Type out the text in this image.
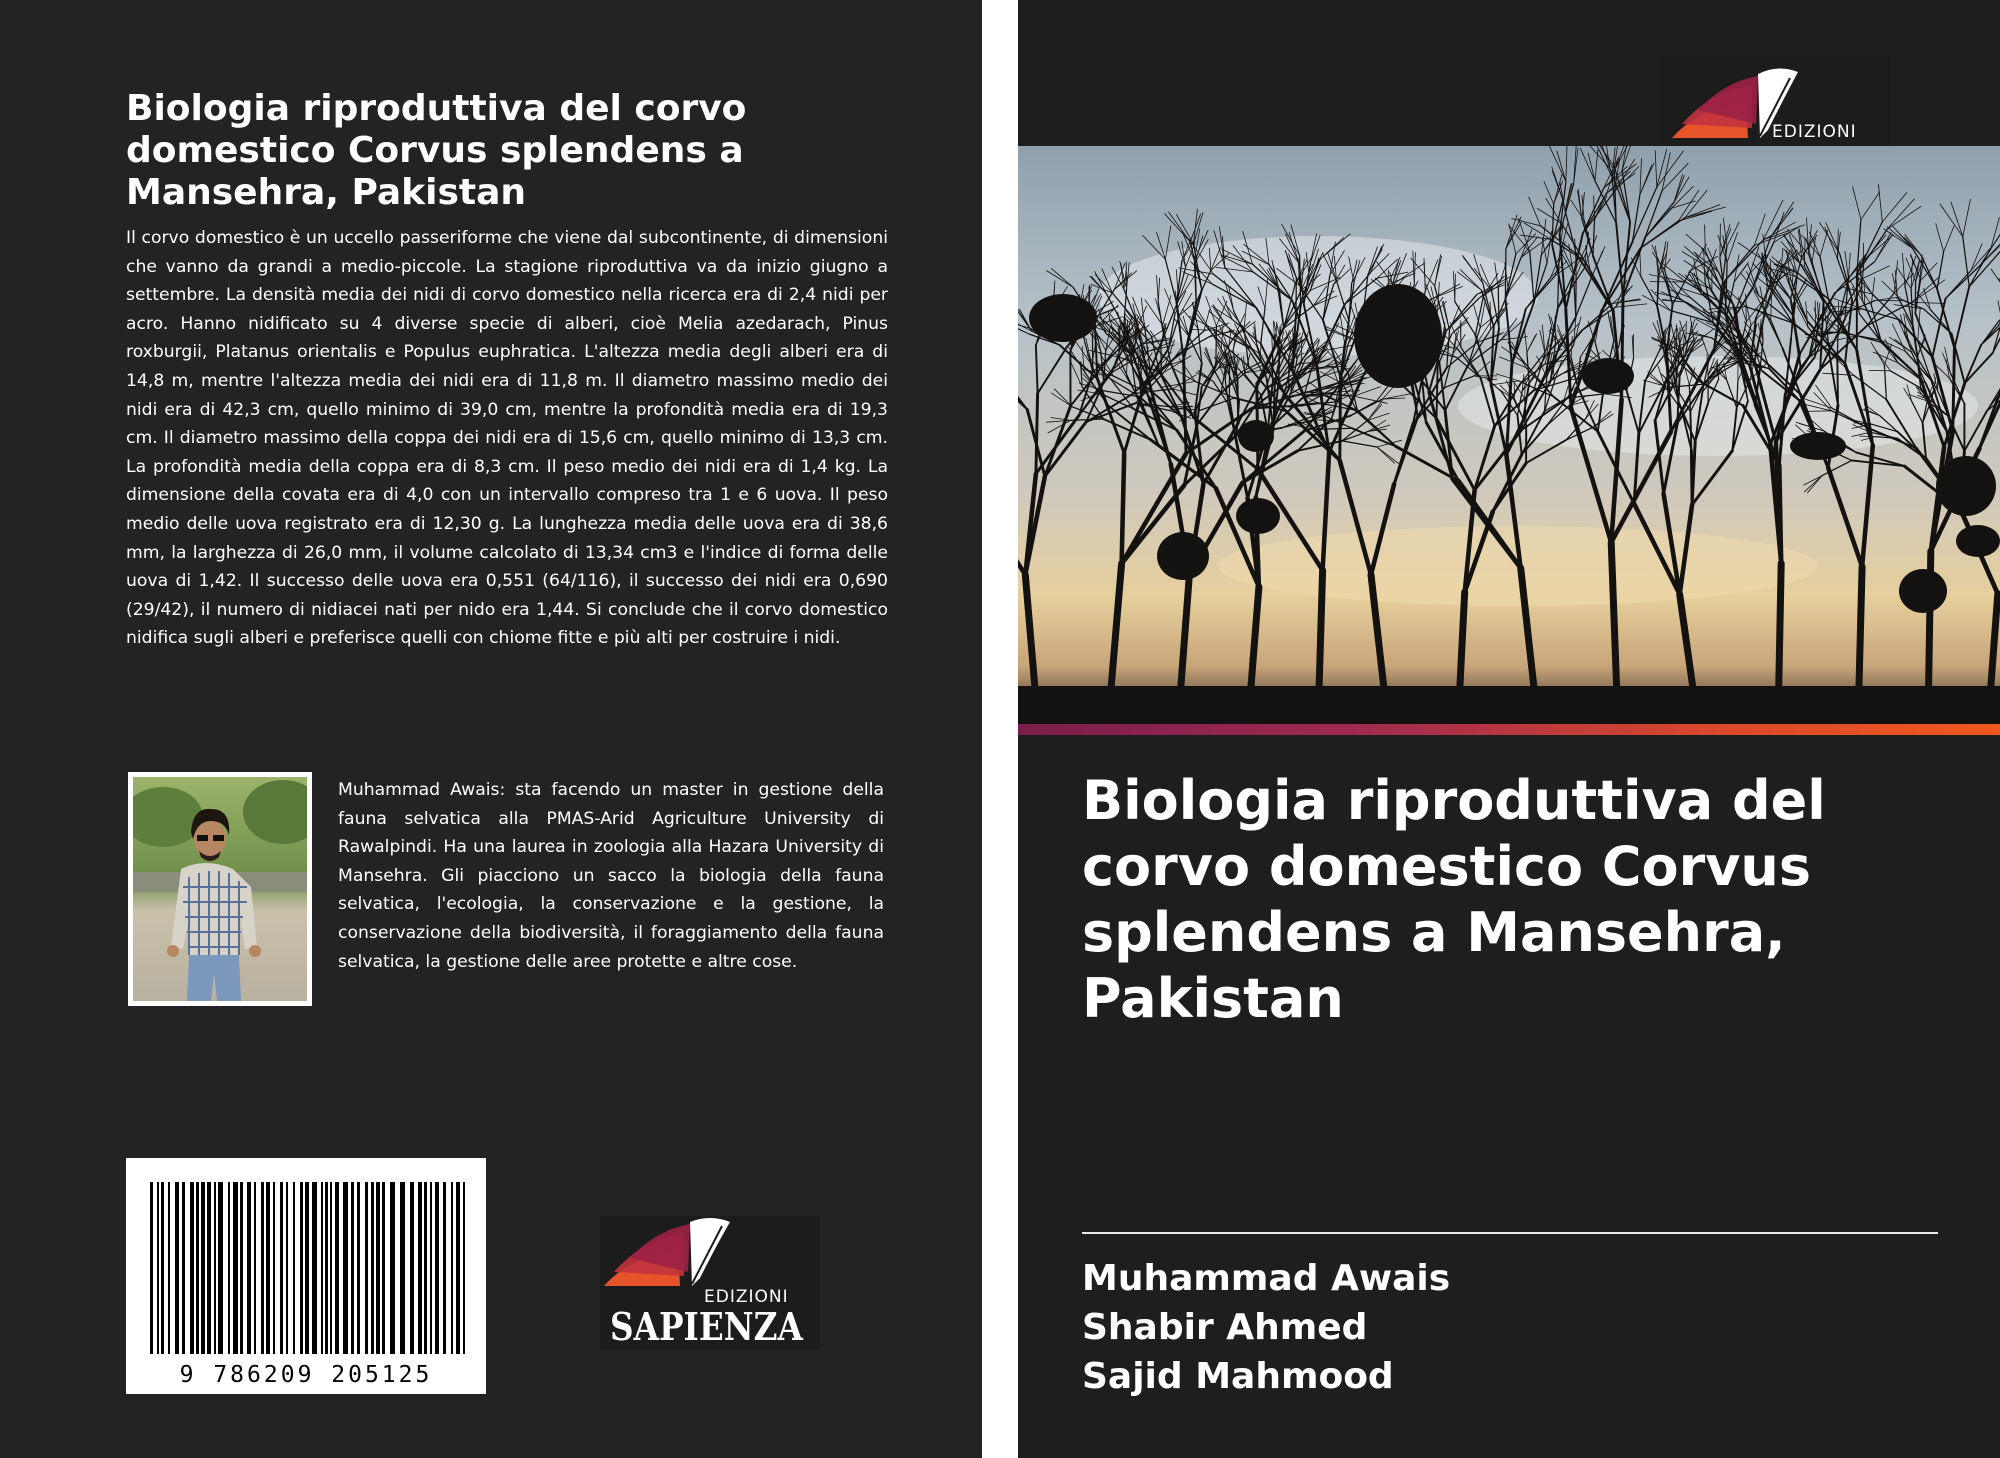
Biologia riproduttiva del corvo domestico Corvus splendens a Mansehra, Pakistan

Il corvo domestico è un uccello passeriforme che viene dal subcontinente, di dimensioni che vanno da grandi a medio-piccole. La stagione riproduttiva va da inizio giugno a settembre. La densità media dei nidi di corvo domestico nella ricerca era di 2,4 nidi per acro. Hanno nidificato su 4 diverse specie di alberi, cioè Melia azedarach, Pinus roxburgii, Platanus orientalis e Populus euphratica. L'altezza media degli alberi era di 14,8 m, mentre l'altezza media dei nidi era di 11,8 m. Il diametro massimo medio dei nidi era di 42,3 cm, quello minimo di 39,0 cm, mentre la profondità media era di 19,3 cm. Il diametro massimo della coppa dei nidi era di 15,6 cm, quello minimo di 13,3 cm. La profondità media della coppa era di 8,3 cm. Il peso medio dei nidi era di 1,4 kg. La dimensione della covata era di 4,0 con un intervallo compreso tra 1 e 6 uova. Il peso medio delle uova registrato era di 12,30 g. La lunghezza media delle uova era di 38,6 mm, la larghezza di 26,0 mm, il volume calcolato di 13,34 cm3 e l'indice di forma delle uova di 1,42. Il successo delle uova era 0,551 (64/116), il successo dei nidi era 0,690 (29/42), il numero di nidiacei nati per nido era 1,44. Si conclude che il corvo domestico nidifica sugli alberi e preferisce quelli con chiome fitte e più alti per costruire i nidi.

Muhammad Awais: sta facendo un master in gestione della fauna selvatica alla PMAS-Arid Agriculture University di Rawalpindi. Ha una laurea in zoologia alla Hazara University di Mansehra. Gli piacciono un sacco la biologia della fauna selvatica, l'ecologia, la conservazione e la gestione, la conservazione della biodiversità, il foraggiamento della fauna selvatica, la gestione delle aree protette e altre cose.

9 786209 205125
EDIZIONI
SAPIENZA
EDIZIONI
Biologia riproduttiva del corvo domestico Corvus splendens a Mansehra, Pakistan
Muhammad Awais
Shabir Ahmed
Sajid Mahmood
